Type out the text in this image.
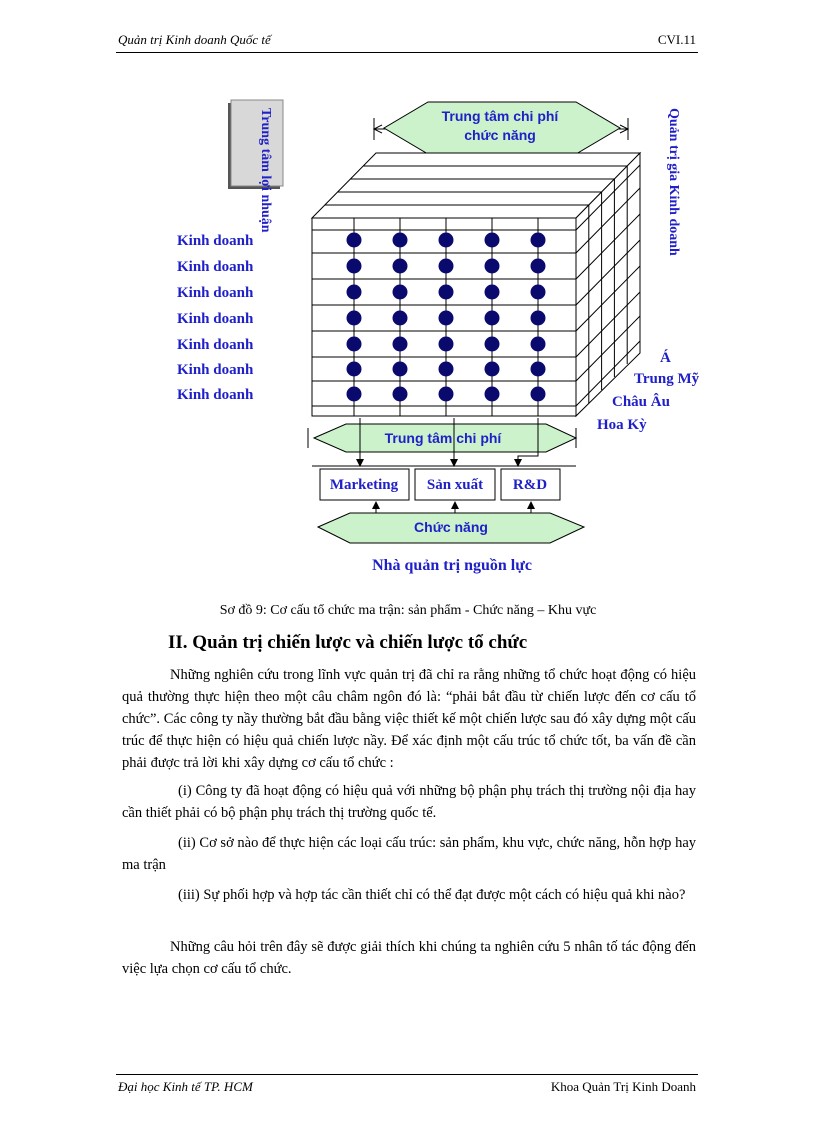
Quản trị Kinh doanh Quốc tế	CVI.11
Trung tâm lợi nhuận	Trung tâm chi phí
chức năng	Quản trị gia Kinh doanh
Kinh doanh
Kinh doanh
Kinh doanh
Kinh doanh
Kinh doanh
Kinh doanh
Kinh doanh
Á
Trung Mỹ
Châu Âu
Hoa Kỳ
Trung tâm chi phí
Marketing Sản xuất R&D
Chức năng
Nhà quản trị nguồn lực
Sơ đồ 9: Cơ cấu tổ chức ma trận: sản phẩm - Chức năng – Khu vực
II. Quản trị chiến lược và chiến lược tổ chức

Những nghiên cứu trong lĩnh vực quản trị đã chỉ ra rằng những tổ chức hoạt động có hiệu quả thường thực hiện theo một câu châm ngôn đó là: “phải bắt đầu từ chiến lược đến cơ cấu tổ chức”. Các công ty nầy thường bắt đầu bằng việc thiết kế một chiến lược sau đó xây dựng một cấu trúc để thực hiện có hiệu quả chiến lược nầy. Để xác định một cấu trúc tổ chức tốt, ba vấn đề cần phải được trả lời khi xây dựng cơ cấu tổ chức :

(i) Công ty đã hoạt động có hiệu quả với những bộ phận phụ trách thị trường nội địa hay cần thiết phải có bộ phận phụ trách thị trường quốc tế.

(ii) Cơ sở nào để thực hiện các loại cấu trúc: sản phẩm, khu vực, chức năng, hỗn hợp hay ma trận

(iii) Sự phối hợp và hợp tác cần thiết chỉ có thể đạt được một cách có hiệu quả khi nào?

Những câu hỏi trên đây sẽ được giải thích khi chúng ta nghiên cứu 5 nhân tố tác động đến việc lựa chọn cơ cấu tổ chức.

Đại học Kinh tế TP. HCM	Khoa Quản Trị Kinh Doanh
